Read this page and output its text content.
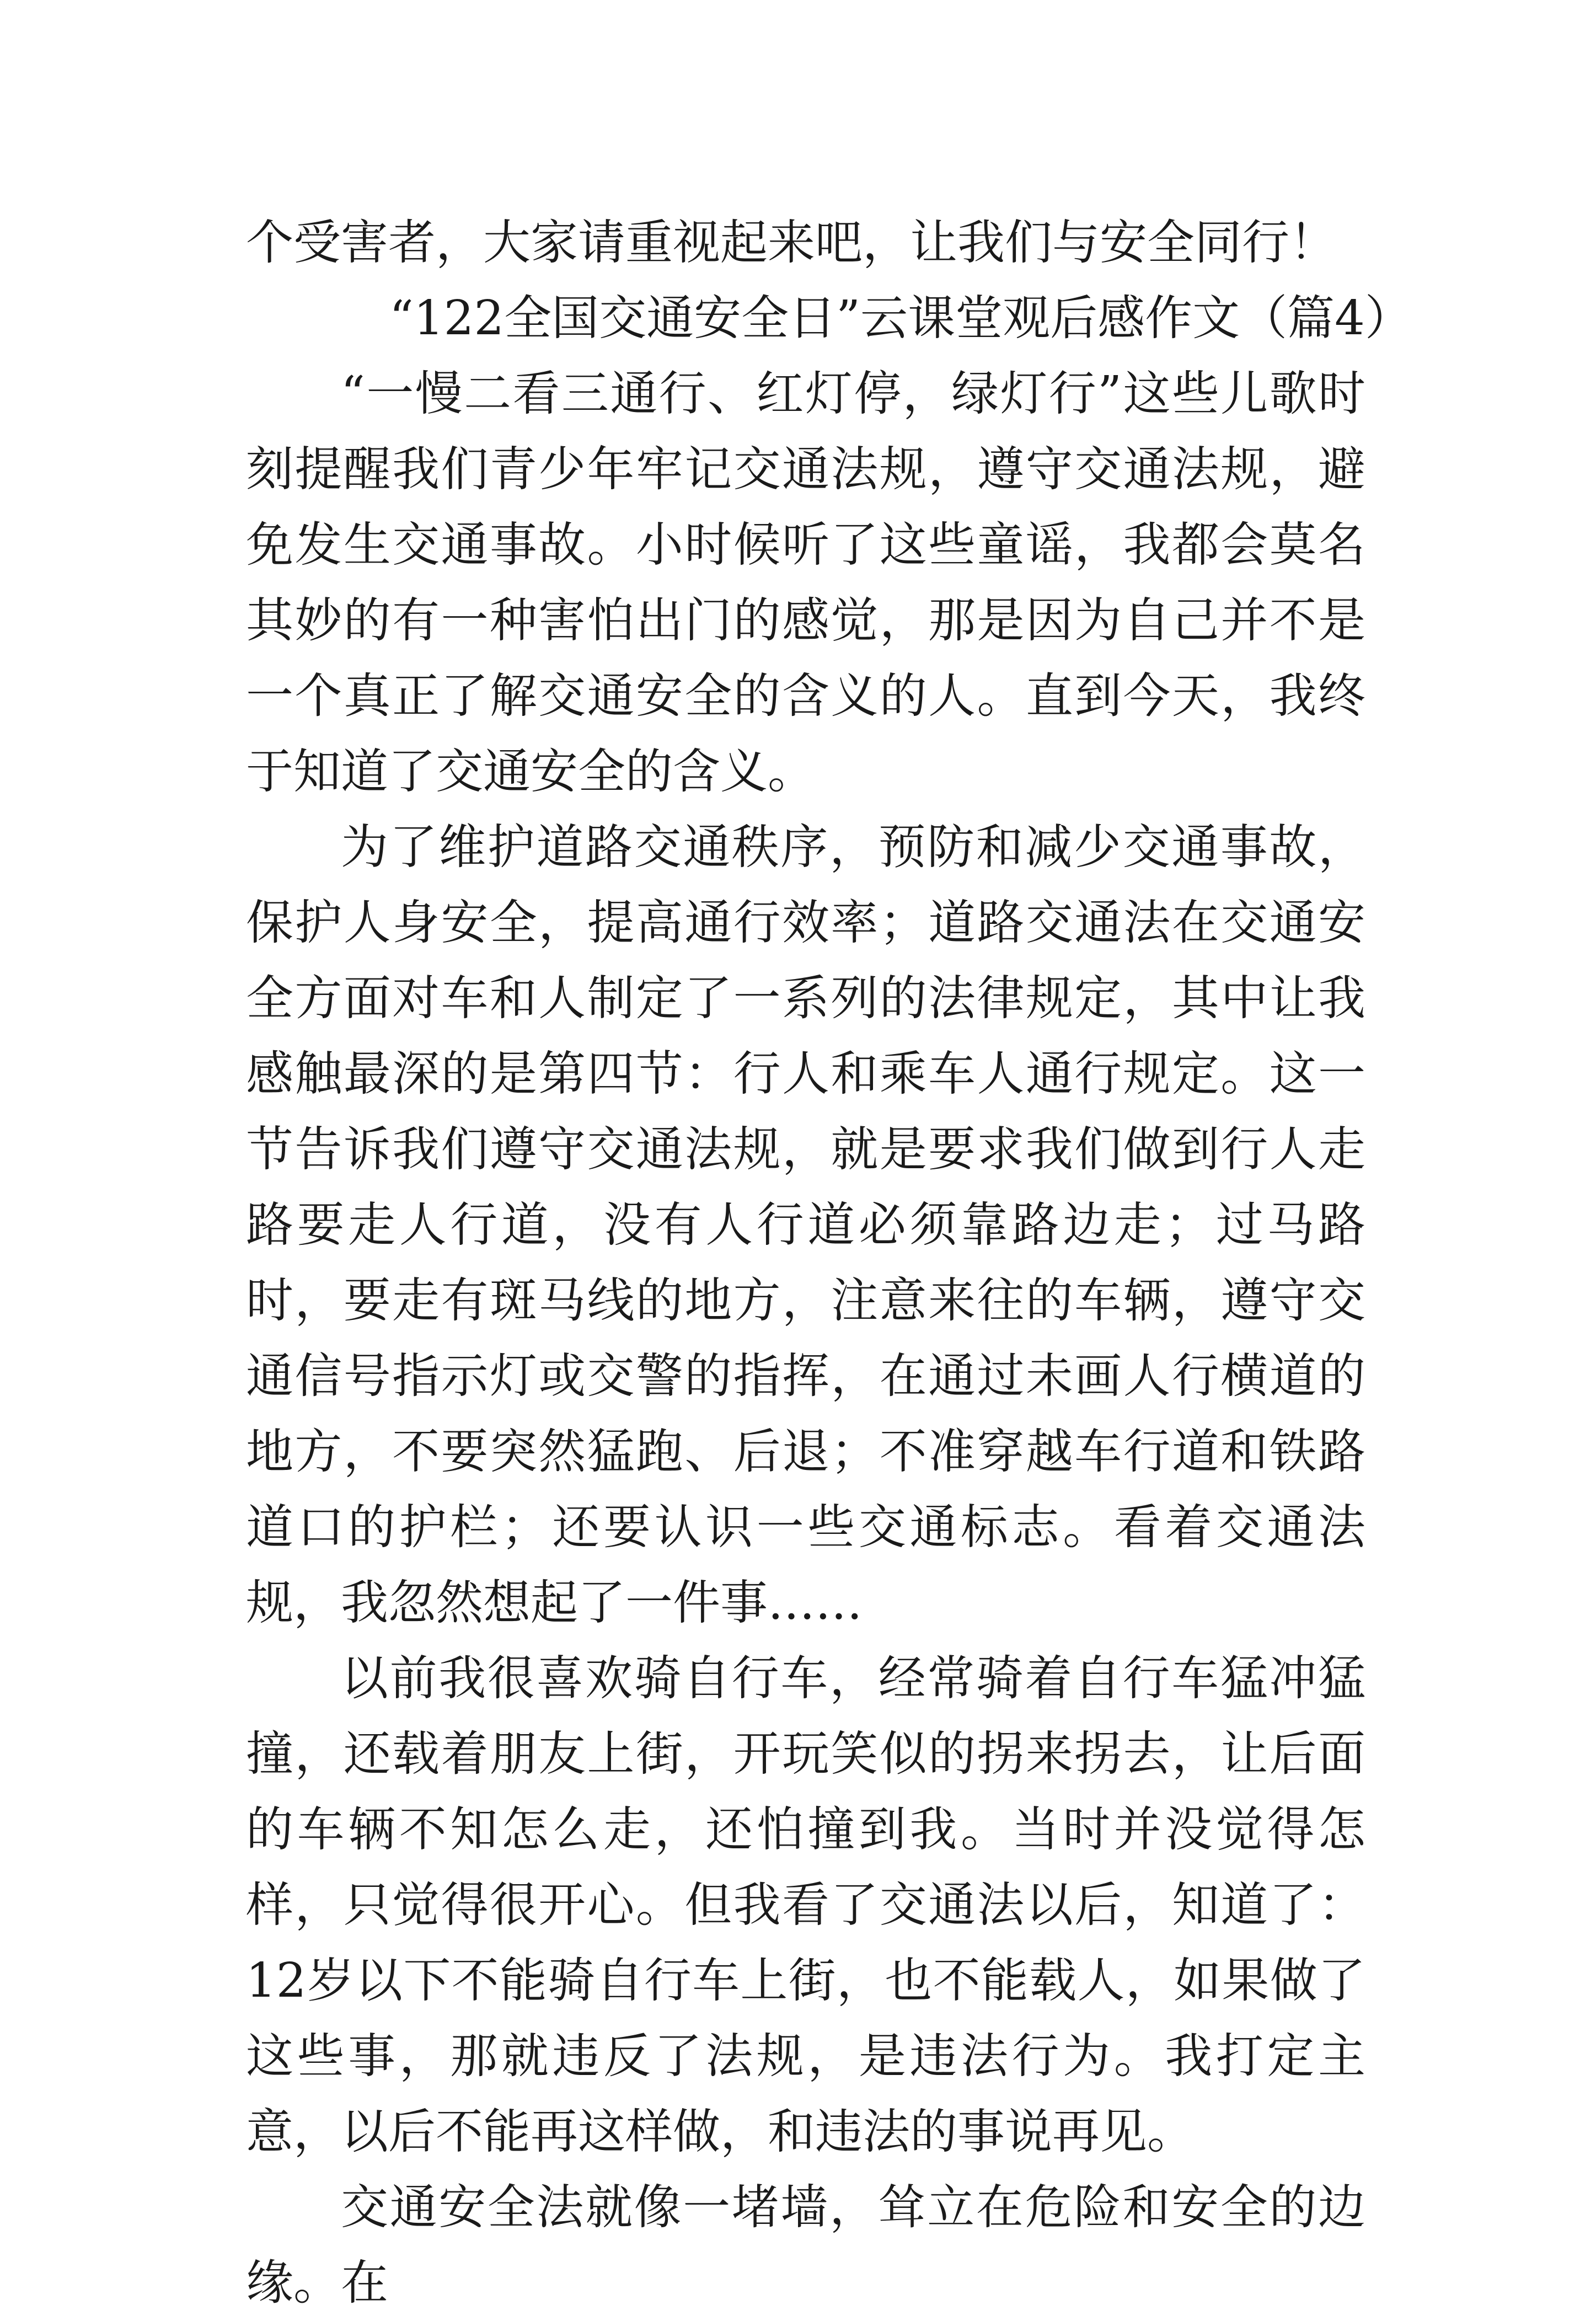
个受害者，大家请重视起来吧，让我们与安全同行！

“122全国交通安全日”云课堂观后感作文（篇4）

“一慢二看三通行、红灯停，绿灯行”这些儿歌时刻提醒我们青少年牢记交通法规，遵守交通法规，避免发生交通事故。小时候听了这些童谣，我都会莫名其妙的有一种害怕出门的感觉，那是因为自己并不是一个真正了解交通安全的含义的人。直到今天，我终于知道了交通安全的含义。

为了维护道路交通秩序，预防和减少交通事故，保护人身安全，提高通行效率；道路交通法在交通安全方面对车和人制定了一系列的法律规定，其中让我感触最深的是第四节：行人和乘车人通行规定。这一节告诉我们遵守交通法规，就是要求我们做到行人走路要走人行道，没有人行道必须靠路边走；过马路时，要走有斑马线的地方，注意来往的车辆，遵守交通信号指示灯或交警的指挥，在通过未画人行横道的地方，不要突然猛跑、后退；不准穿越车行道和铁路道口的护栏；还要认识一些交通标志。看着交通法规，我忽然想起了一件事……

以前我很喜欢骑自行车，经常骑着自行车猛冲猛撞，还载着朋友上街，开玩笑似的拐来拐去，让后面的车辆不知怎么走，还怕撞到我。当时并没觉得怎样，只觉得很开心。但我看了交通法以后，知道了：12岁以下不能骑自行车上街，也不能载人，如果做了这些事，那就违反了法规，是违法行为。我打定主意，以后不能再这样做，和违法的事说再见。

交通安全法就像一堵墙，耸立在危险和安全的边缘。在
